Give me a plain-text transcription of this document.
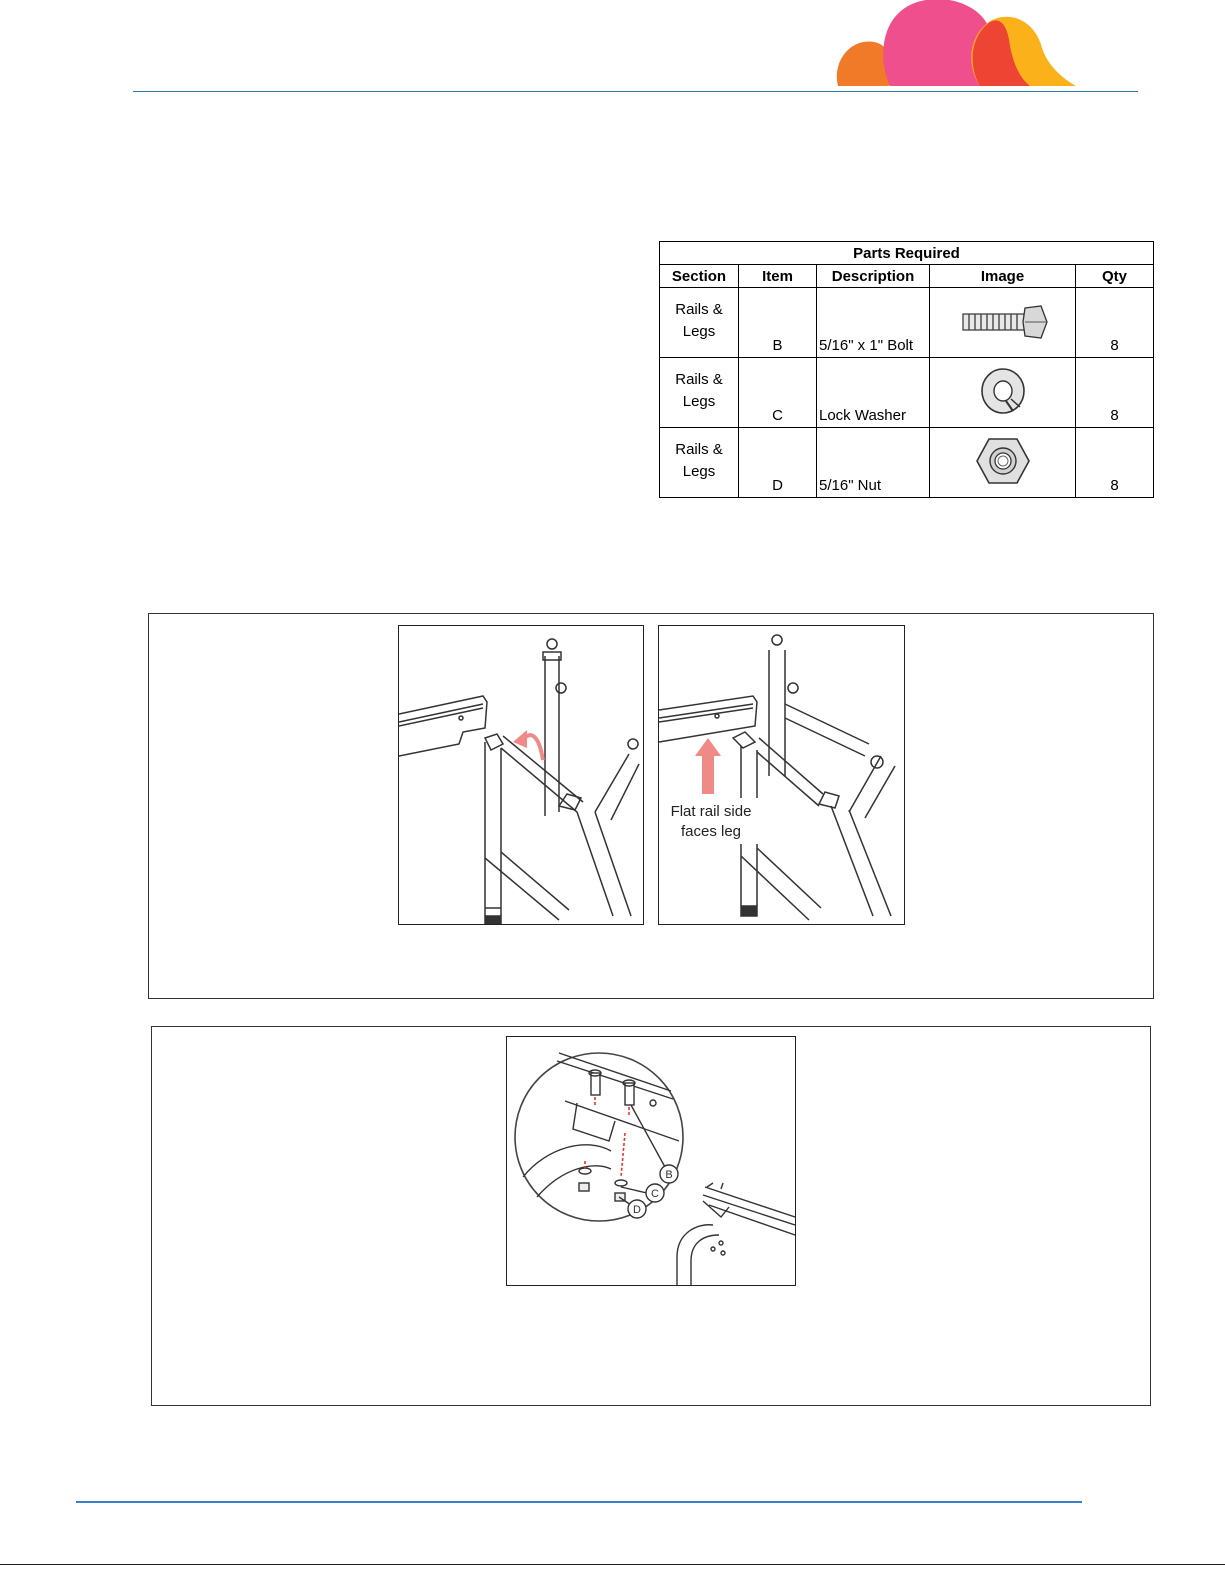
Parts Required				
Section	Item	Description	Image	Qty
Rails &
Legs	B	5/16" x 1" Bolt		8
Rails &
Legs	C	Lock Washer		8
Rails &
Legs	D	5/16" Nut		8
Flat rail side
faces leg
B
C
D
